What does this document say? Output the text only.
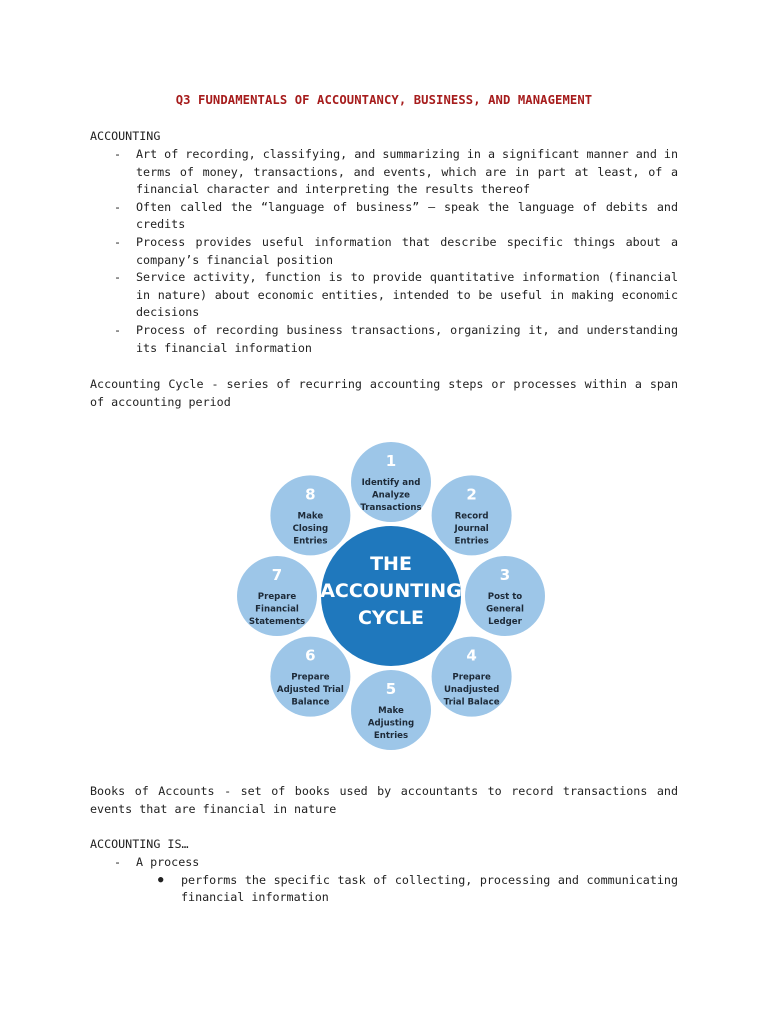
Q3 FUNDAMENTALS OF ACCOUNTANCY, BUSINESS, AND MANAGEMENT

ACCOUNTING

- Art of recording, classifying, and summarizing in a significant manner and in terms of money, transactions, and events, which are in part at least, of a financial character and interpreting the results thereof
- Often called the “language of business” — speak the language of debits and credits
- Process provides useful information that describe specific things about a company’s financial position
- Service activity, function is to provide quantitative information (financial in nature) about economic entities, intended to be useful in making economic decisions
- Process of recording business transactions, organizing it, and understanding its financial information

Accounting Cycle - series of recurring accounting steps or processes within a span of accounting period

1
Identify and
Analyze
Transactions
2
Record
Journal
Entries
3
Post to
General
Ledger
4
Prepare
Unadjusted
Trial Balace
5
Make
Adjusting
Entries
6
Prepare
Adjusted Trial
Balance
7
Prepare
Financial
Statements
8
Make
Closing
Entries
THE
ACCOUNTING
CYCLE

Books of Accounts - set of books used by accountants to record transactions and events that are financial in nature

ACCOUNTING IS…

- A process
● performs the specific task of collecting, processing and communicating financial information
